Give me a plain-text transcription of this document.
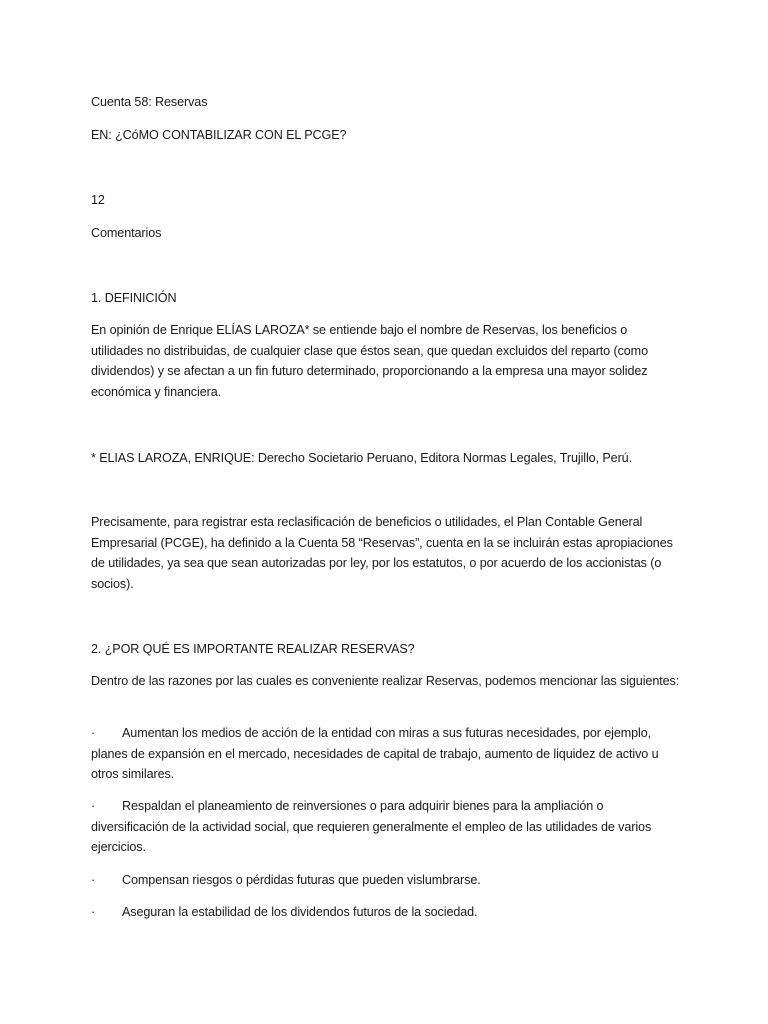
Cuenta 58: Reservas

EN: ¿CóMO CONTABILIZAR CON EL PCGE?

12

Comentarios

1. DEFINICIÓN

En opinión de Enrique ELÍAS LAROZA* se entiende bajo el nombre de Reservas, los beneficios o utilidades no distribuidas, de cualquier clase que éstos sean, que quedan excluidos del reparto (como dividendos) y se afectan a un fin futuro determinado, proporcionando a la empresa una mayor solidez económica y financiera.

* ELIAS LAROZA, ENRIQUE: Derecho Societario Peruano, Editora Normas Legales, Trujillo, Perú.

Precisamente, para registrar esta reclasificación de beneficios o utilidades, el Plan Contable General Empresarial (PCGE), ha definido a la Cuenta 58 “Reservas”, cuenta en la se incluirán estas apropiaciones de utilidades, ya sea que sean autorizadas por ley, por los estatutos, o por acuerdo de los accionistas (o socios).

2. ¿POR QUÉ ES IMPORTANTE REALIZAR RESERVAS?

Dentro de las razones por las cuales es conveniente realizar Reservas, podemos mencionar las siguientes:

· Aumentan los medios de acción de la entidad con miras a sus futuras necesidades, por ejemplo, planes de expansión en el mercado, necesidades de capital de trabajo, aumento de liquidez de activo u otros similares.

· Respaldan el planeamiento de reinversiones o para adquirir bienes para la ampliación o diversificación de la actividad social, que requieren generalmente el empleo de las utilidades de varios ejercicios.

· Compensan riesgos o pérdidas futuras que pueden vislumbrarse.

· Aseguran la estabilidad de los dividendos futuros de la sociedad.
